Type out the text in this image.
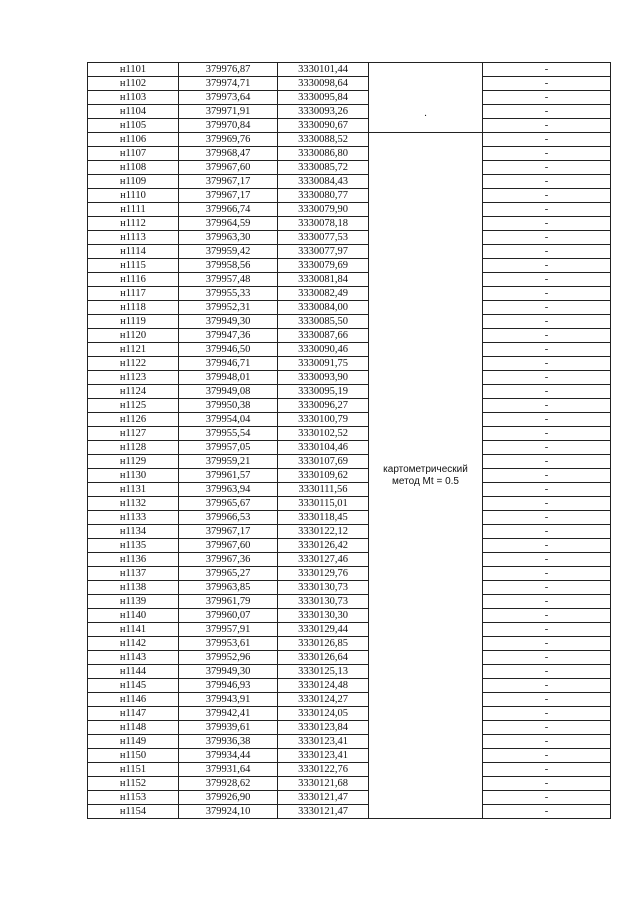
н1101	379976,87	3330101,44	·	-
н1102	379974,71	3330098,64		-
н1103	379973,64	3330095,84		-
н1104	379971,91	3330093,26		-
н1105	379970,84	3330090,67		-
н1106	379969,76	3330088,52	картометрический метод Mt = 0.5	-
н1107	379968,47	3330086,80		-
н1108	379967,60	3330085,72		-
н1109	379967,17	3330084,43		-
н1110	379967,17	3330080,77		-
н1111	379966,74	3330079,90		-
н1112	379964,59	3330078,18		-
н1113	379963,30	3330077,53		-
н1114	379959,42	3330077,97		-
н1115	379958,56	3330079,69		-
н1116	379957,48	3330081,84		-
н1117	379955,33	3330082,49		-
н1118	379952,31	3330084,00		-
н1119	379949,30	3330085,50		-
н1120	379947,36	3330087,66		-
н1121	379946,50	3330090,46		-
н1122	379946,71	3330091,75		-
н1123	379948,01	3330093,90		-
н1124	379949,08	3330095,19		-
н1125	379950,38	3330096,27		-
н1126	379954,04	3330100,79		-
н1127	379955,54	3330102,52		-
н1128	379957,05	3330104,46		-
н1129	379959,21	3330107,69		-
н1130	379961,57	3330109,62		-
н1131	379963,94	3330111,56		-
н1132	379965,67	3330115,01		-
н1133	379966,53	3330118,45		-
н1134	379967,17	3330122,12		-
н1135	379967,60	3330126,42		-
н1136	379967,36	3330127,46		-
н1137	379965,27	3330129,76		-
н1138	379963,85	3330130,73		-
н1139	379961,79	3330130,73		-
н1140	379960,07	3330130,30		-
н1141	379957,91	3330129,44		-
н1142	379953,61	3330126,85		-
н1143	379952,96	3330126,64		-
н1144	379949,30	3330125,13		-
н1145	379946,93	3330124,48		-
н1146	379943,91	3330124,27		-
н1147	379942,41	3330124,05		-
н1148	379939,61	3330123,84		-
н1149	379936,38	3330123,41		-
н1150	379934,44	3330123,41		-
н1151	379931,64	3330122,76		-
н1152	379928,62	3330121,68		-
н1153	379926,90	3330121,47		-
н1154	379924,10	3330121,47		-
